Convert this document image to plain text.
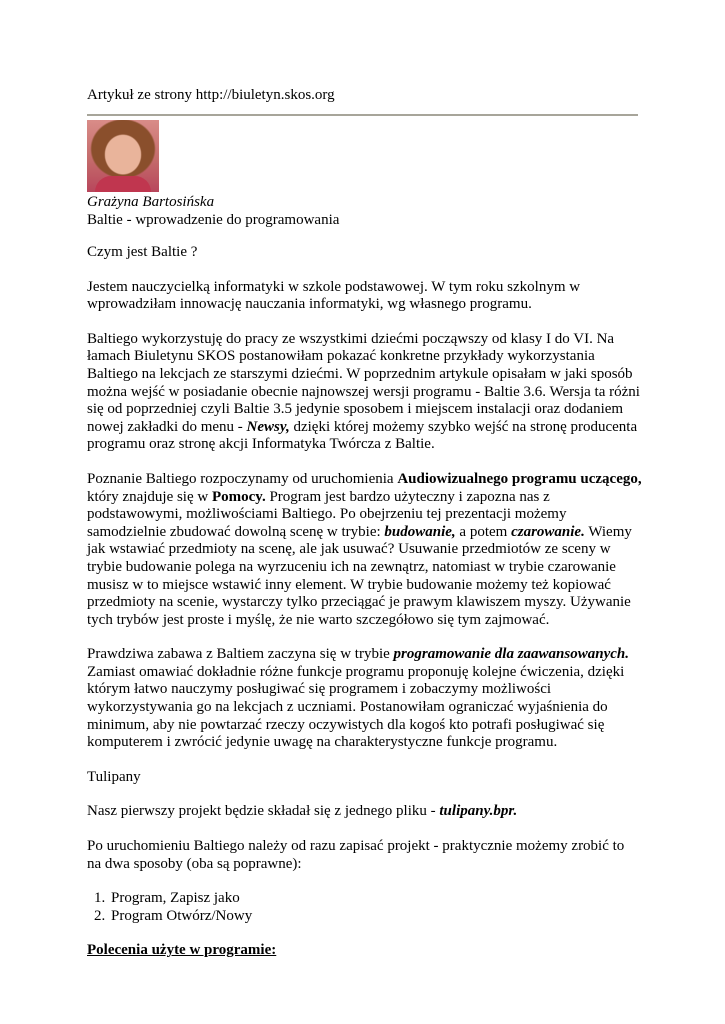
Artykuł ze strony http://biuletyn.skos.org
Grażyna Bartosińska
Baltie - wprowadzenie do programowania

Czym jest Baltie ?

Jestem nauczycielką informatyki w szkole podstawowej. W tym roku szkolnym w wprowadziłam innowację nauczania informatyki, wg własnego programu.

Baltiego wykorzystuję do pracy ze wszystkimi dziećmi począwszy od klasy I do VI. Na łamach Biuletynu SKOS postanowiłam pokazać konkretne przykłady wykorzystania Baltiego na lekcjach ze starszymi dziećmi. W poprzednim artykule opisałam w jaki sposób można wejść w posiadanie obecnie najnowszej wersji programu - Baltie 3.6. Wersja ta różni się od poprzedniej czyli Baltie 3.5 jedynie sposobem i miejscem instalacji oraz dodaniem nowej zakładki do menu - Newsy, dzięki której możemy szybko wejść na stronę producenta programu oraz stronę akcji Informatyka Twórcza z Baltie.

Poznanie Baltiego rozpoczynamy od uruchomienia Audiowizualnego programu uczącego, który znajduje się w Pomocy. Program jest bardzo użyteczny i zapozna nas z podstawowymi, możliwościami Baltiego. Po obejrzeniu tej prezentacji możemy samodzielnie zbudować dowolną scenę w trybie: budowanie, a potem czarowanie. Wiemy jak wstawiać przedmioty na scenę, ale jak usuwać? Usuwanie przedmiotów ze sceny w trybie budowanie polega na wyrzuceniu ich na zewnątrz, natomiast w trybie czarowanie musisz w to miejsce wstawić inny element. W trybie budowanie możemy też kopiować przedmioty na scenie, wystarczy tylko przeciągać je prawym klawiszem myszy. Używanie tych trybów jest proste i myślę, że nie warto szczegółowo się tym zajmować.

Prawdziwa zabawa z Baltiem zaczyna się w trybie programowanie dla zaawansowanych. Zamiast omawiać dokładnie różne funkcje programu proponuję kolejne ćwiczenia, dzięki którym łatwo nauczymy posługiwać się programem i zobaczymy możliwości wykorzystywania go na lekcjach z uczniami. Postanowiłam ograniczać wyjaśnienia do minimum, aby nie powtarzać rzeczy oczywistych dla kogoś kto potrafi posługiwać się komputerem i zwrócić jedynie uwagę na charakterystyczne funkcje programu.

Tulipany

Nasz pierwszy projekt będzie składał się z jednego pliku - tulipany.bpr.

Po uruchomieniu Baltiego należy od razu zapisać projekt - praktycznie możemy zrobić to na dwa sposoby (oba są poprawne):

1. Program, Zapisz jako
2. Program Otwórz/Nowy

Polecenia użyte w programie:
